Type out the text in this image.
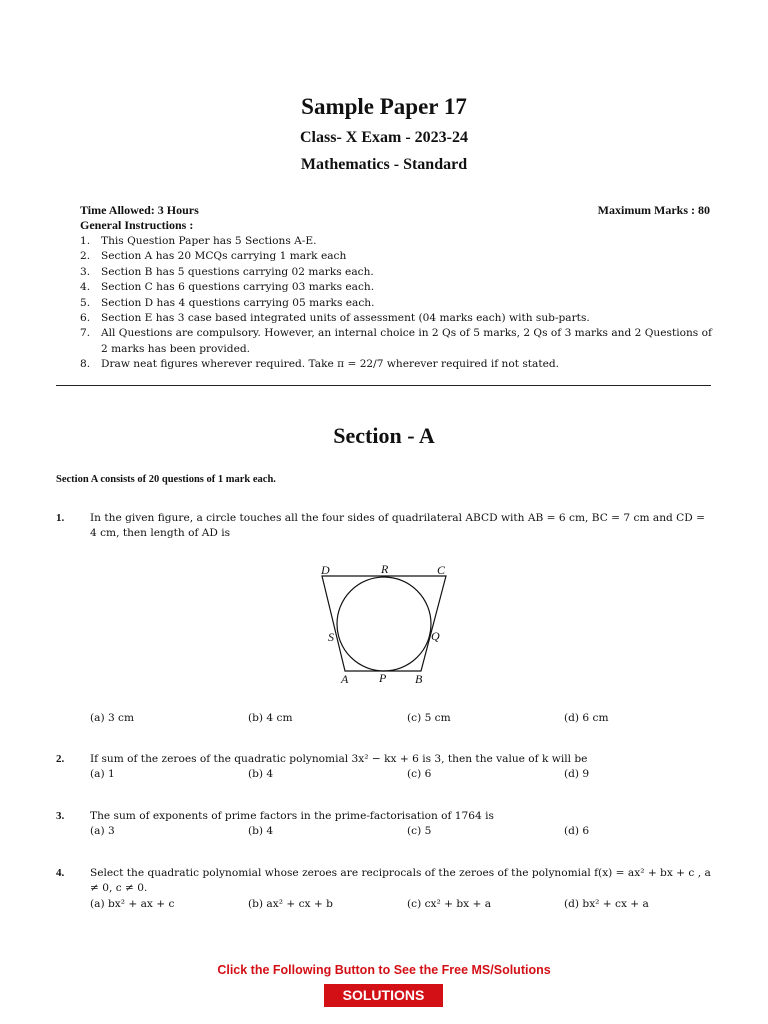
Sample Paper 17
Class- X Exam - 2023-24
Mathematics - Standard
Time Allowed: 3 Hours	Maximum Marks : 80
General Instructions :
1. This Question Paper has 5 Sections A-E.
2. Section A has 20 MCQs carrying 1 mark each
3. Section B has 5 questions carrying 02 marks each.
4. Section C has 6 questions carrying 03 marks each.
5. Section D has 4 questions carrying 05 marks each.
6. Section E has 3 case based integrated units of assessment (04 marks each) with sub-parts.
7. All Questions are compulsory. However, an internal choice in 2 Qs of 5 marks, 2 Qs of 3 marks and 2 Questions of 2 marks has been provided.
8. Draw neat figures wherever required. Take π = 22/7 wherever required if not stated.
Section - A
Section A consists of 20 questions of 1 mark each.
1. In the given figure, a circle touches all the four sides of quadrilateral ABCD with AB = 6 cm, BC = 7 cm and CD = 4 cm, then length of AD is
(a) 3 cm	(b) 4 cm	(c) 5 cm	(d) 6 cm
D	R	C
S	Q
A	P B
2. If sum of the zeroes of the quadratic polynomial 3x² − kx + 6 is 3, then the value of k will be
(a) 1	(b) 4	(c) 6	(d) 9
3. The sum of exponents of prime factors in the prime-factorisation of 1764 is
(a) 3	(b) 4	(c) 5	(d) 6
4. Select the quadratic polynomial whose zeroes are reciprocals of the zeroes of the polynomial f(x) = ax² + bx + c , a ≠ 0, c ≠ 0.
(a) bx² + ax + c	(b) ax² + cx + b	(c) cx² + bx + a	(d) bx² + cx + a
Click the Following Button to See the Free MS/Solutions
SOLUTIONS
